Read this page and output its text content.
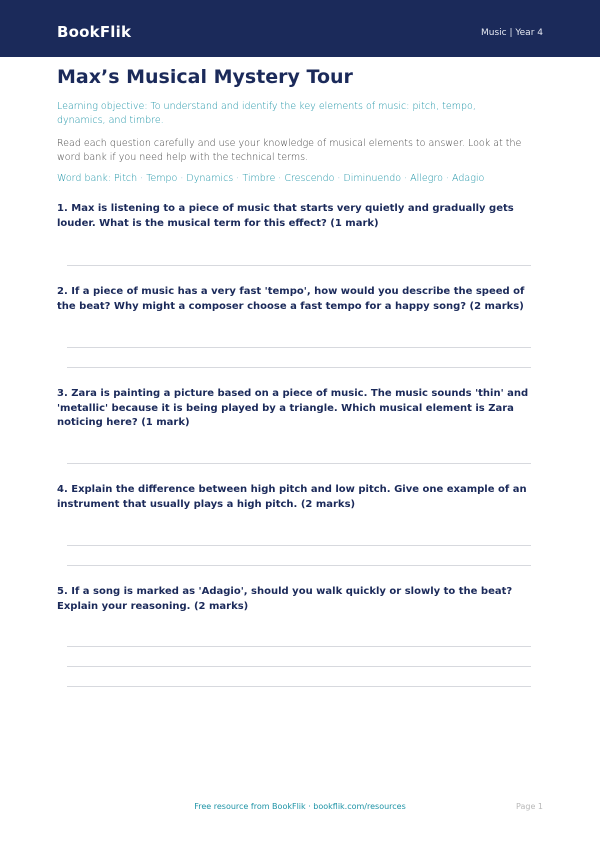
BookFlik	Music | Year 4
Max’s Musical Mystery Tour

Learning objective: To understand and identify the key elements of music: pitch, tempo, dynamics, and timbre.

Read each question carefully and use your knowledge of musical elements to answer. Look at the word bank if you need help with the technical terms.

Word bank: Pitch · Tempo · Dynamics · Timbre · Crescendo · Diminuendo · Allegro · Adagio

1. Max is listening to a piece of music that starts very quietly and gradually gets louder. What is the musical term for this effect? (1 mark)

2. If a piece of music has a very fast 'tempo', how would you describe the speed of the beat? Why might a composer choose a fast tempo for a happy song? (2 marks)

3. Zara is painting a picture based on a piece of music. The music sounds 'thin' and 'metallic' because it is being played by a triangle. Which musical element is Zara noticing here? (1 mark)

4. Explain the difference between high pitch and low pitch. Give one example of an instrument that usually plays a high pitch. (2 marks)

5. If a song is marked as 'Adagio', should you walk quickly or slowly to the beat? Explain your reasoning. (2 marks)

Free resource from BookFlik · bookflik.com/resources	Page 1
